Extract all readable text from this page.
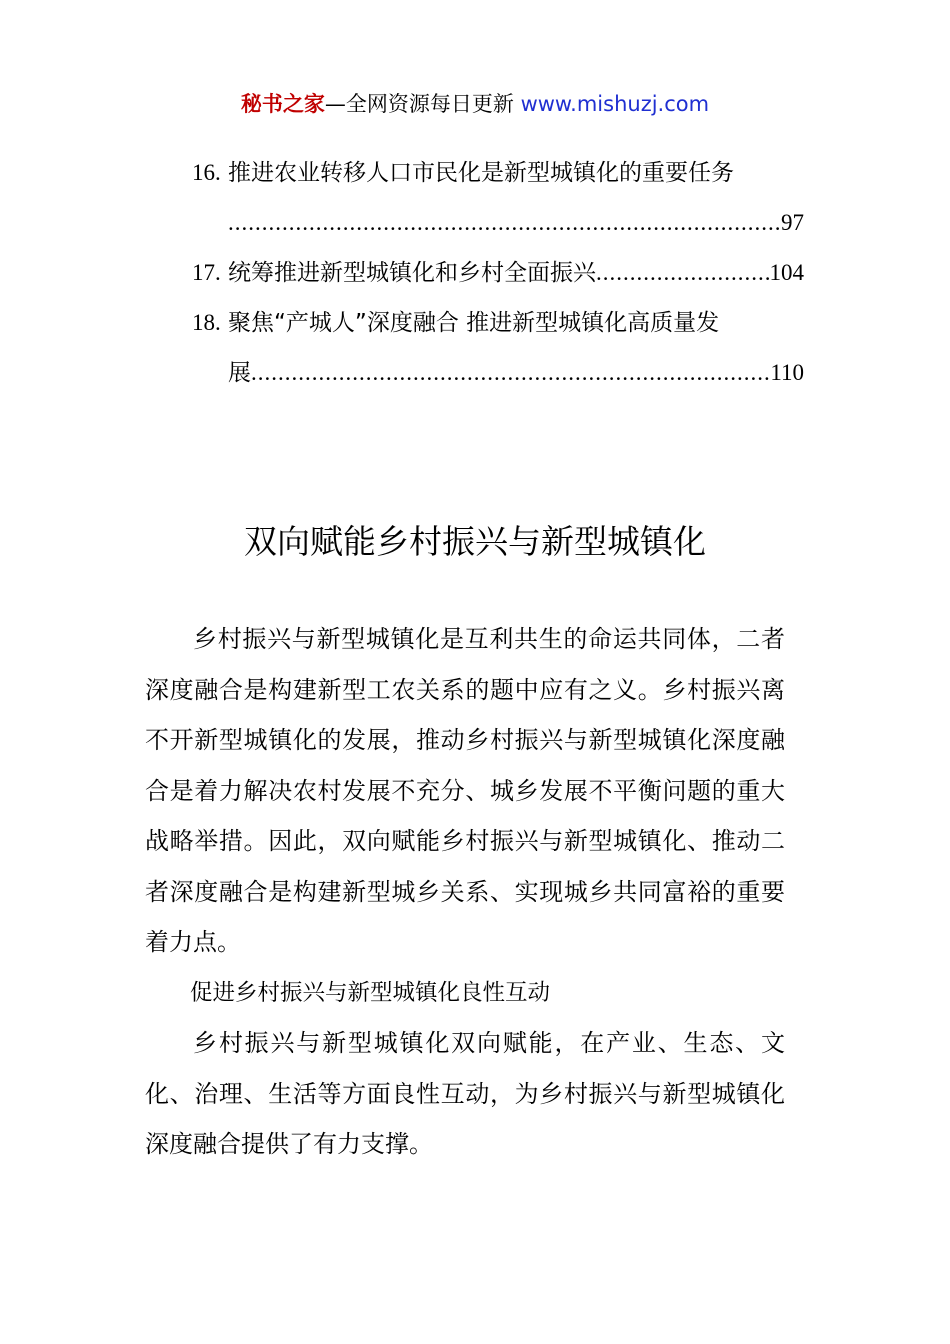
秘书之家—全网资源每日更新 www.mishuzj.com
16. 推进农业转移人口市民化是新型城镇化的重要任务
.....
97
17. 统筹推进新型城镇化和乡村全面振兴 .....	104
18. 聚焦“产城人”深度融合 推进新型城镇化高质量发
展 .....	110
双向赋能乡村振兴与新型城镇化

乡村振兴与新型城镇化是互利共生的命运共同体，二者深度融合是构建新型工农关系的题中应有之义。乡村振兴离不开新型城镇化的发展，推动乡村振兴与新型城镇化深度融合是着力解决农村发展不充分、城乡发展不平衡问题的重大战略举措。因此，双向赋能乡村振兴与新型城镇化、推动二者深度融合是构建新型城乡关系、实现城乡共同富裕的重要着力点。

促进乡村振兴与新型城镇化良性互动

乡村振兴与新型城镇化双向赋能，在产业、生态、文化、治理、生活等方面良性互动，为乡村振兴与新型城镇化深度融合提供了有力支撑。
